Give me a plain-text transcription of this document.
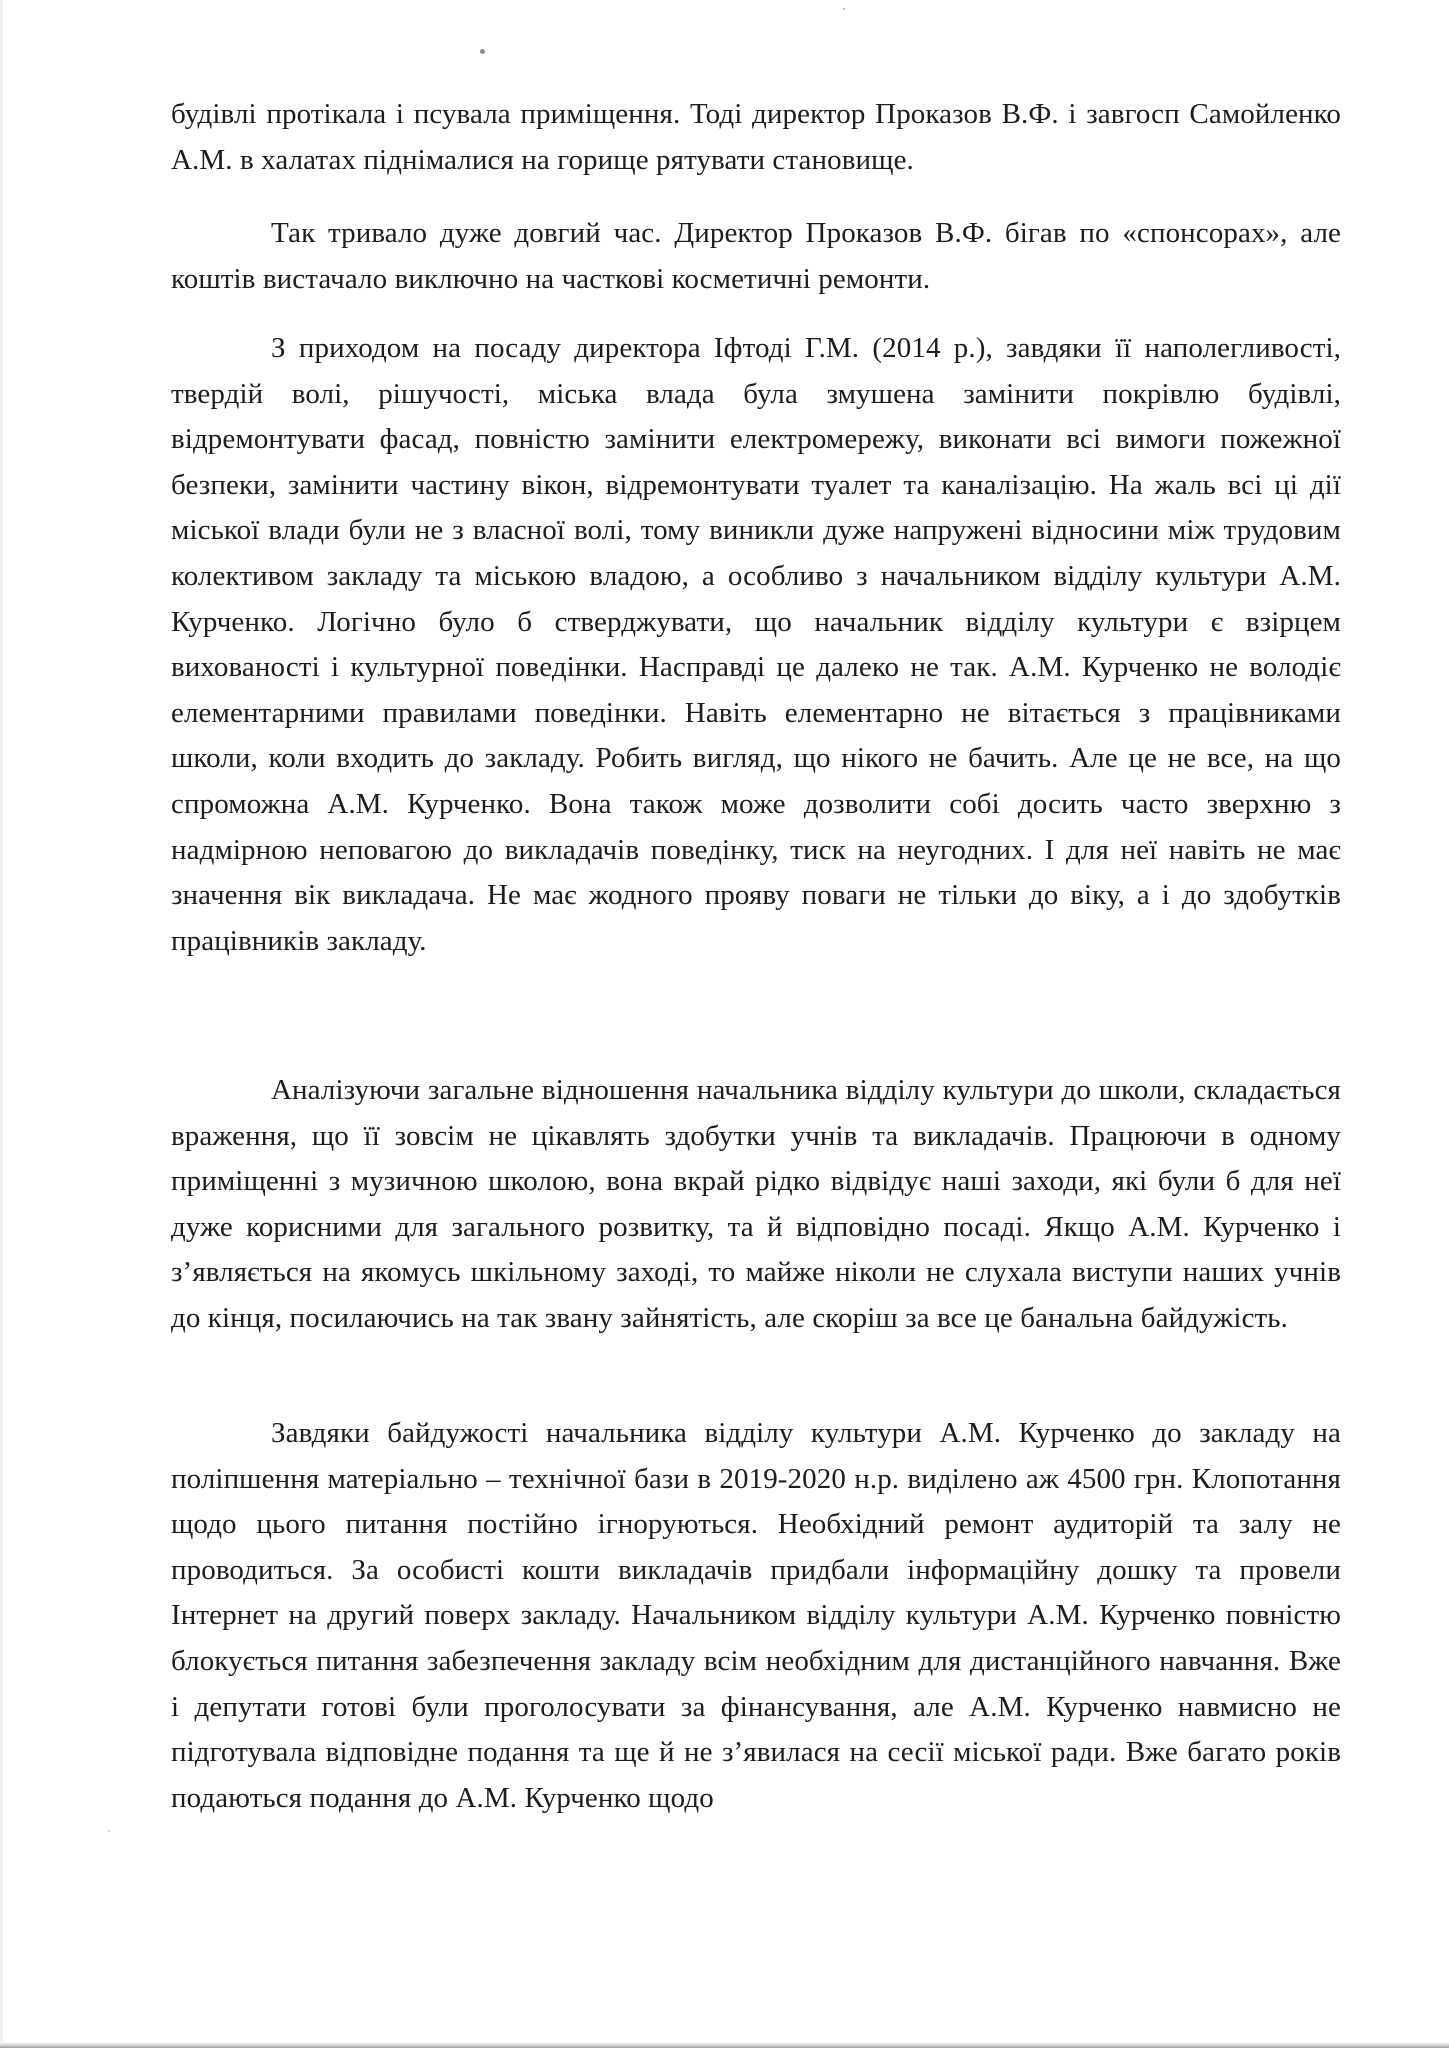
будівлі протікала і псувала приміщення. Тоді директор Проказов В.Ф. і завгосп Самойленко А.М. в халатах піднімалися на горище рятувати становище.

Так тривало дуже довгий час. Директор Проказов В.Ф. бігав по «спонсорах», але коштів вистачало виключно на часткові косметичні ремонти.

З приходом на посаду директора Іфтоді Г.М. (2014 р.), завдяки її наполегливості, твердій волі, рішучості, міська влада була змушена замінити покрівлю будівлі, відремонтувати фасад, повністю замінити електромережу, виконати всі вимоги пожежної безпеки, замінити частину вікон, відремонтувати туалет та каналізацію. На жаль всі ці дії міської влади були не з власної волі, тому виникли дуже напружені відносини між трудовим колективом закладу та міською владою, а особливо з начальником відділу культури А.М. Курченко. Логічно було б стверджувати, що начальник відділу культури є взірцем вихованості і культурної поведінки. Насправді це далеко не так. А.М. Курченко не володіє елементарними правилами поведінки. Навіть елементарно не вітається з працівниками школи, коли входить до закладу. Робить вигляд, що нікого не бачить. Але це не все, на що спроможна А.М. Курченко. Вона також може дозволити собі досить часто зверхню з надмірною неповагою до викладачів поведінку, тиск на неугодних. І для неї навіть не має значення вік викладача. Не має жодного прояву поваги не тільки до віку, а і до здобутків працівників закладу.

Аналізуючи загальне відношення начальника відділу культури до школи, складається враження, що її зовсім не цікавлять здобутки учнів та викладачів. Працюючи в одному приміщенні з музичною школою, вона вкрай рідко відвідує наші заходи, які були б для неї дуже корисними для загального розвитку, та й відповідно посаді. Якщо А.М. Курченко і з’являється на якомусь шкільному заході, то майже ніколи не слухала виступи наших учнів до кінця, посилаючись на так звану зайнятість, але скоріш за все це банальна байдужість.

Завдяки байдужості начальника відділу культури А.М. Курченко до закладу на поліпшення матеріально – технічної бази в 2019-2020 н.р. виділено аж 4500 грн. Клопотання щодо цього питання постійно ігноруються. Необхідний ремонт аудиторій та залу не проводиться. За особисті кошти викладачів придбали інформаційну дошку та провели Інтернет на другий поверх закладу. Начальником відділу культури А.М. Курченко повністю блокується питання забезпечення закладу всім необхідним для дистанційного навчання. Вже і депутати готові були проголосувати за фінансування, але А.М. Курченко навмисно не підготувала відповідне подання та ще й не з’явилася на сесії міської ради. Вже багато років подаються подання до А.М. Курченко щодо
